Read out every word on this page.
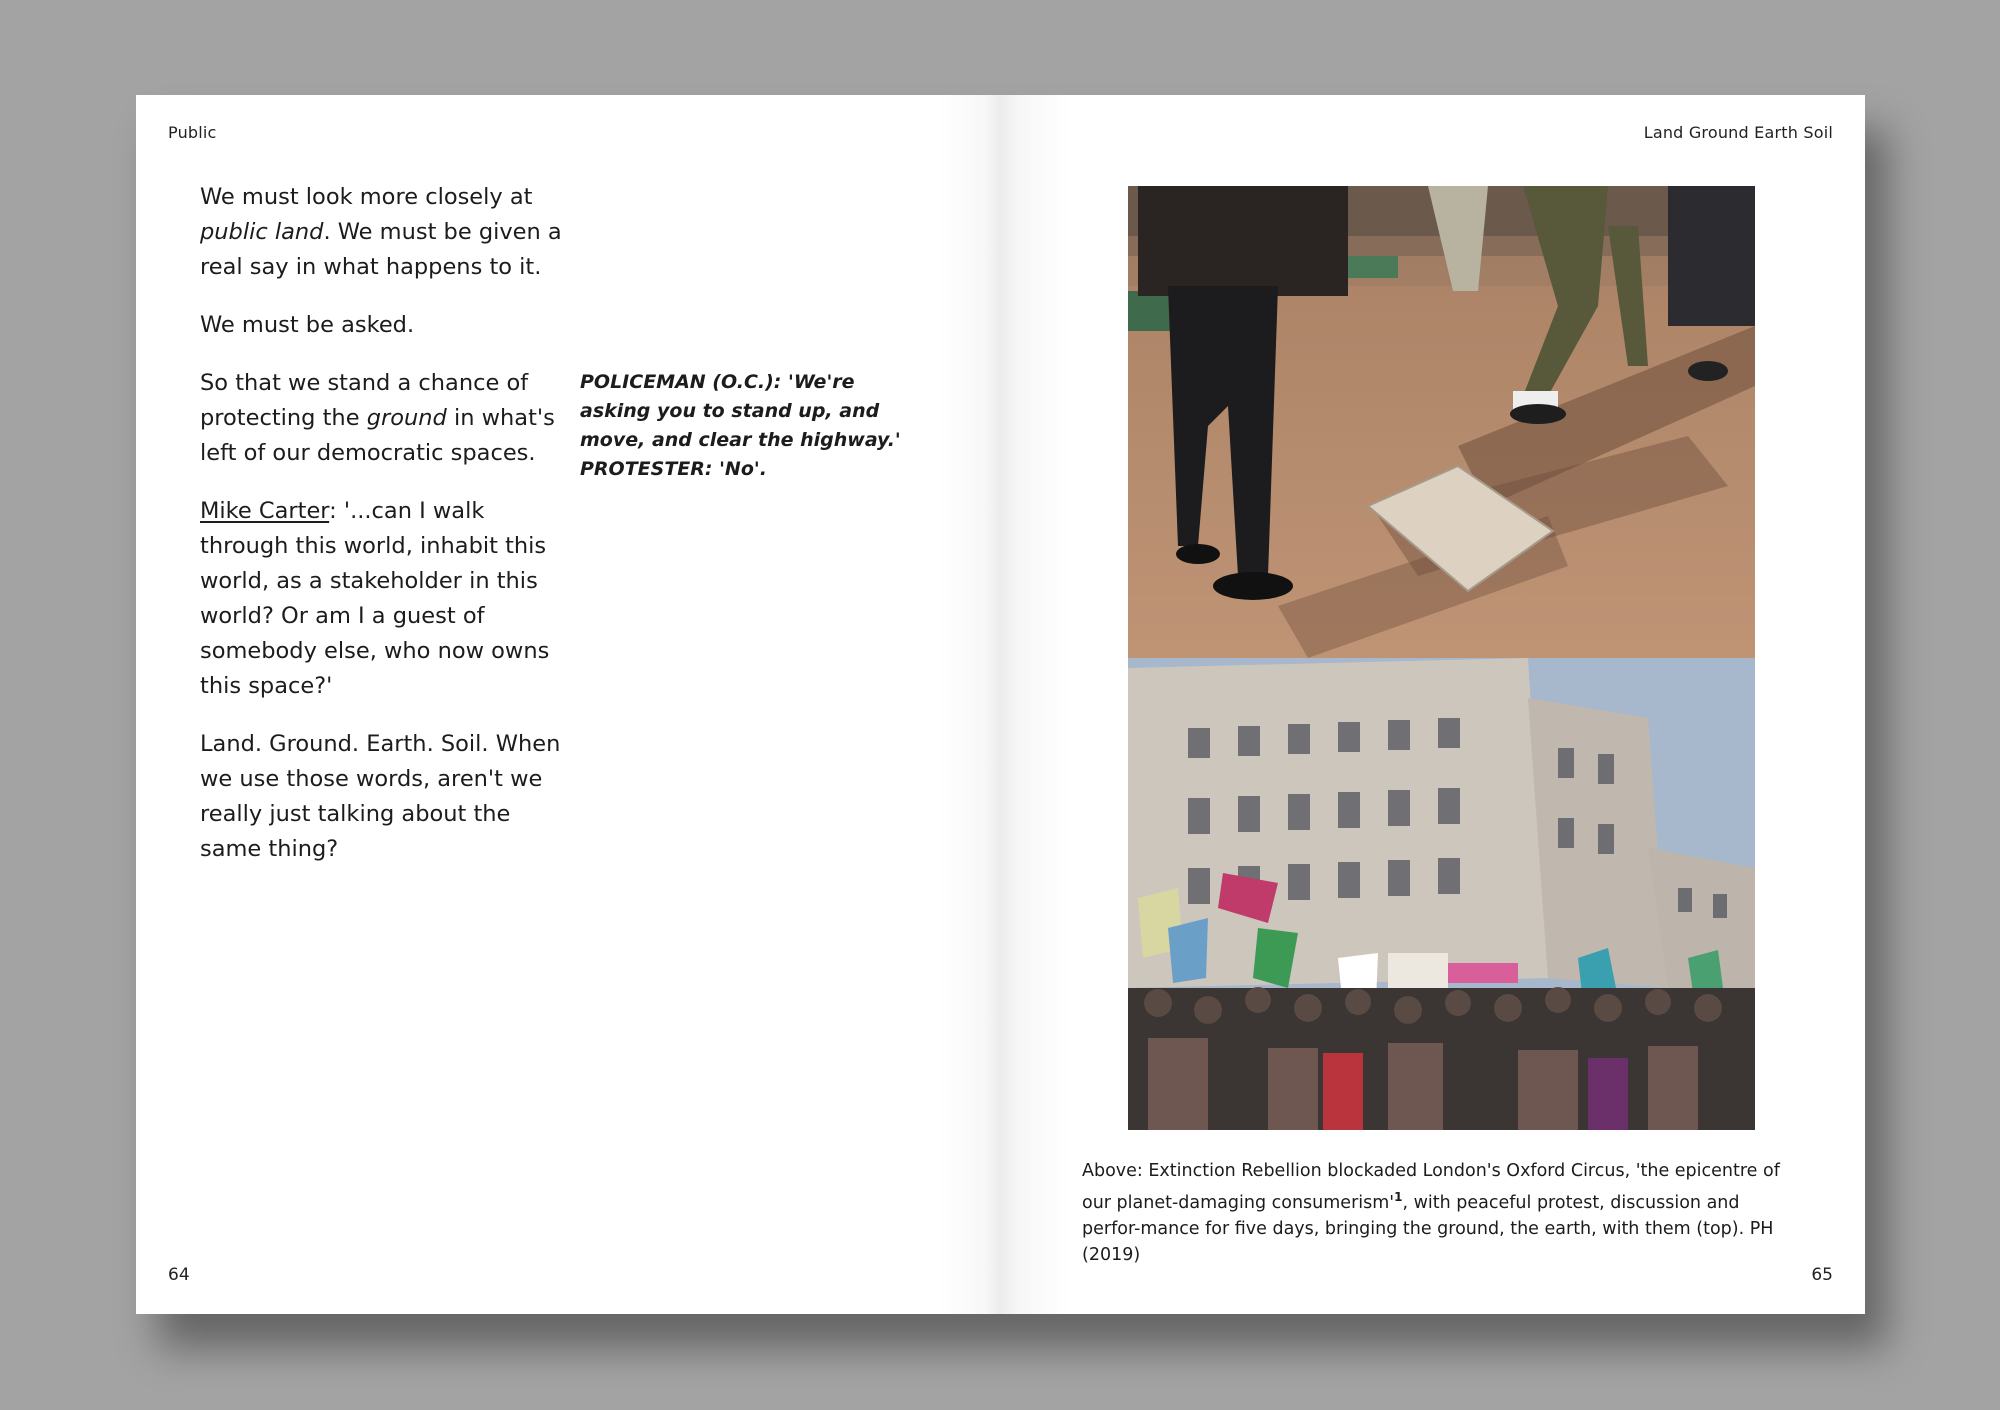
Public

We must look more closely at public land. We must be given a real say in what happens to it.

We must be asked.

So that we stand a chance of protecting the ground in what's left of our democratic spaces.

Mike Carter: '...can I walk through this world, inhabit this world, as a stakeholder in this world? Or am I a guest of somebody else, who now owns this space?'

Land. Ground. Earth. Soil. When we use those words, aren't we really just talking about the same thing?

POLICEMAN (O.C.): 'We're asking you to stand up, and move, and clear the highway.'
PROTESTER: 'No'.
64
Land Ground Earth Soil
Above: Extinction Rebellion blockaded London's Oxford Circus, 'the epicentre of our planet-damaging $consumerism'^1$, with peaceful protest, discussion and perfor-mance for five days, bringing the ground, the earth, with them (top). PH (2019)
65
